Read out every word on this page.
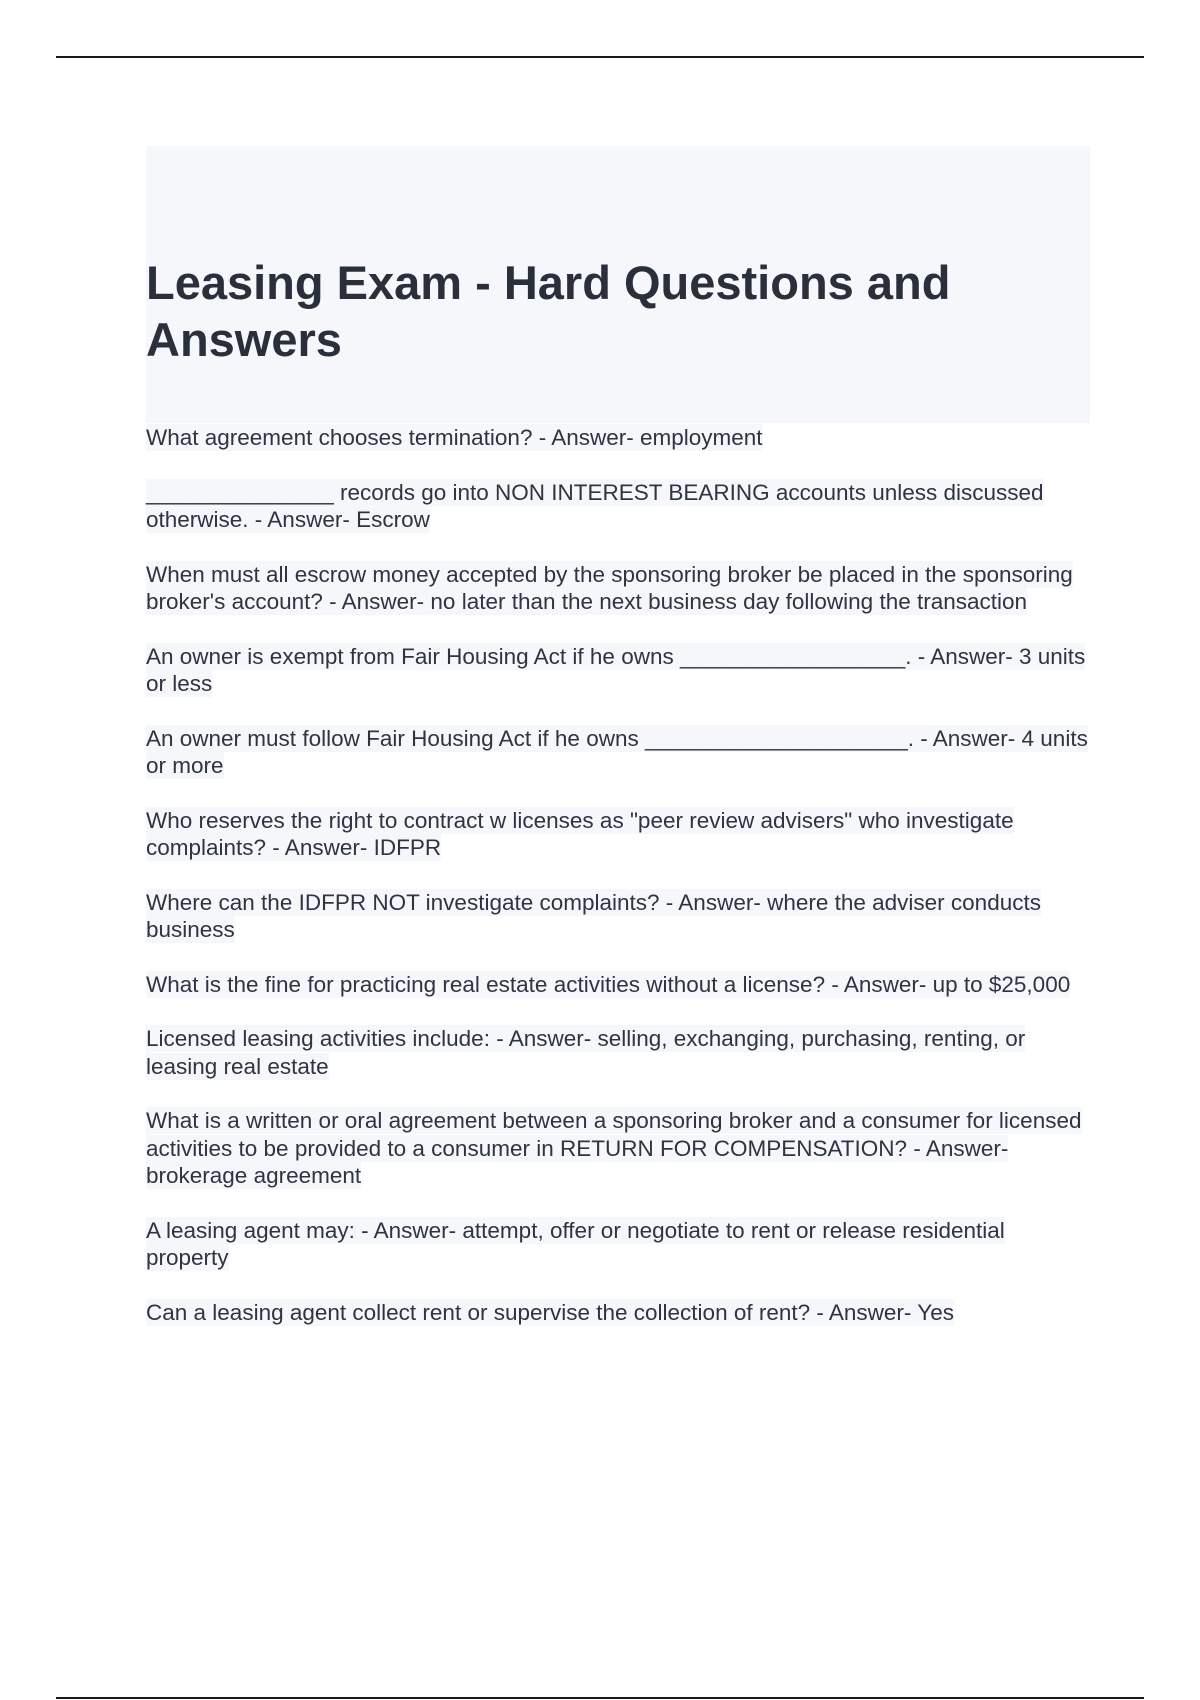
Leasing Exam - Hard Questions and Answers

What agreement chooses termination? - Answer- employment

_______________ records go into NON INTEREST BEARING accounts unless discussed otherwise. - Answer- Escrow

When must all escrow money accepted by the sponsoring broker be placed in the sponsoring broker's account? - Answer- no later than the next business day following the transaction

An owner is exempt from Fair Housing Act if he owns __________________. - Answer- 3 units or less

An owner must follow Fair Housing Act if he owns _____________________. - Answer- 4 units or more

Who reserves the right to contract w licenses as "peer review advisers" who investigate complaints? - Answer- IDFPR

Where can the IDFPR NOT investigate complaints? - Answer- where the adviser conducts business

What is the fine for practicing real estate activities without a license? - Answer- up to $25,000

Licensed leasing activities include: - Answer- selling, exchanging, purchasing, renting, or leasing real estate

What is a written or oral agreement between a sponsoring broker and a consumer for licensed activities to be provided to a consumer in RETURN FOR COMPENSATION? - Answer- brokerage agreement

A leasing agent may: - Answer- attempt, offer or negotiate to rent or release residential property

Can a leasing agent collect rent or supervise the collection of rent? - Answer- Yes
